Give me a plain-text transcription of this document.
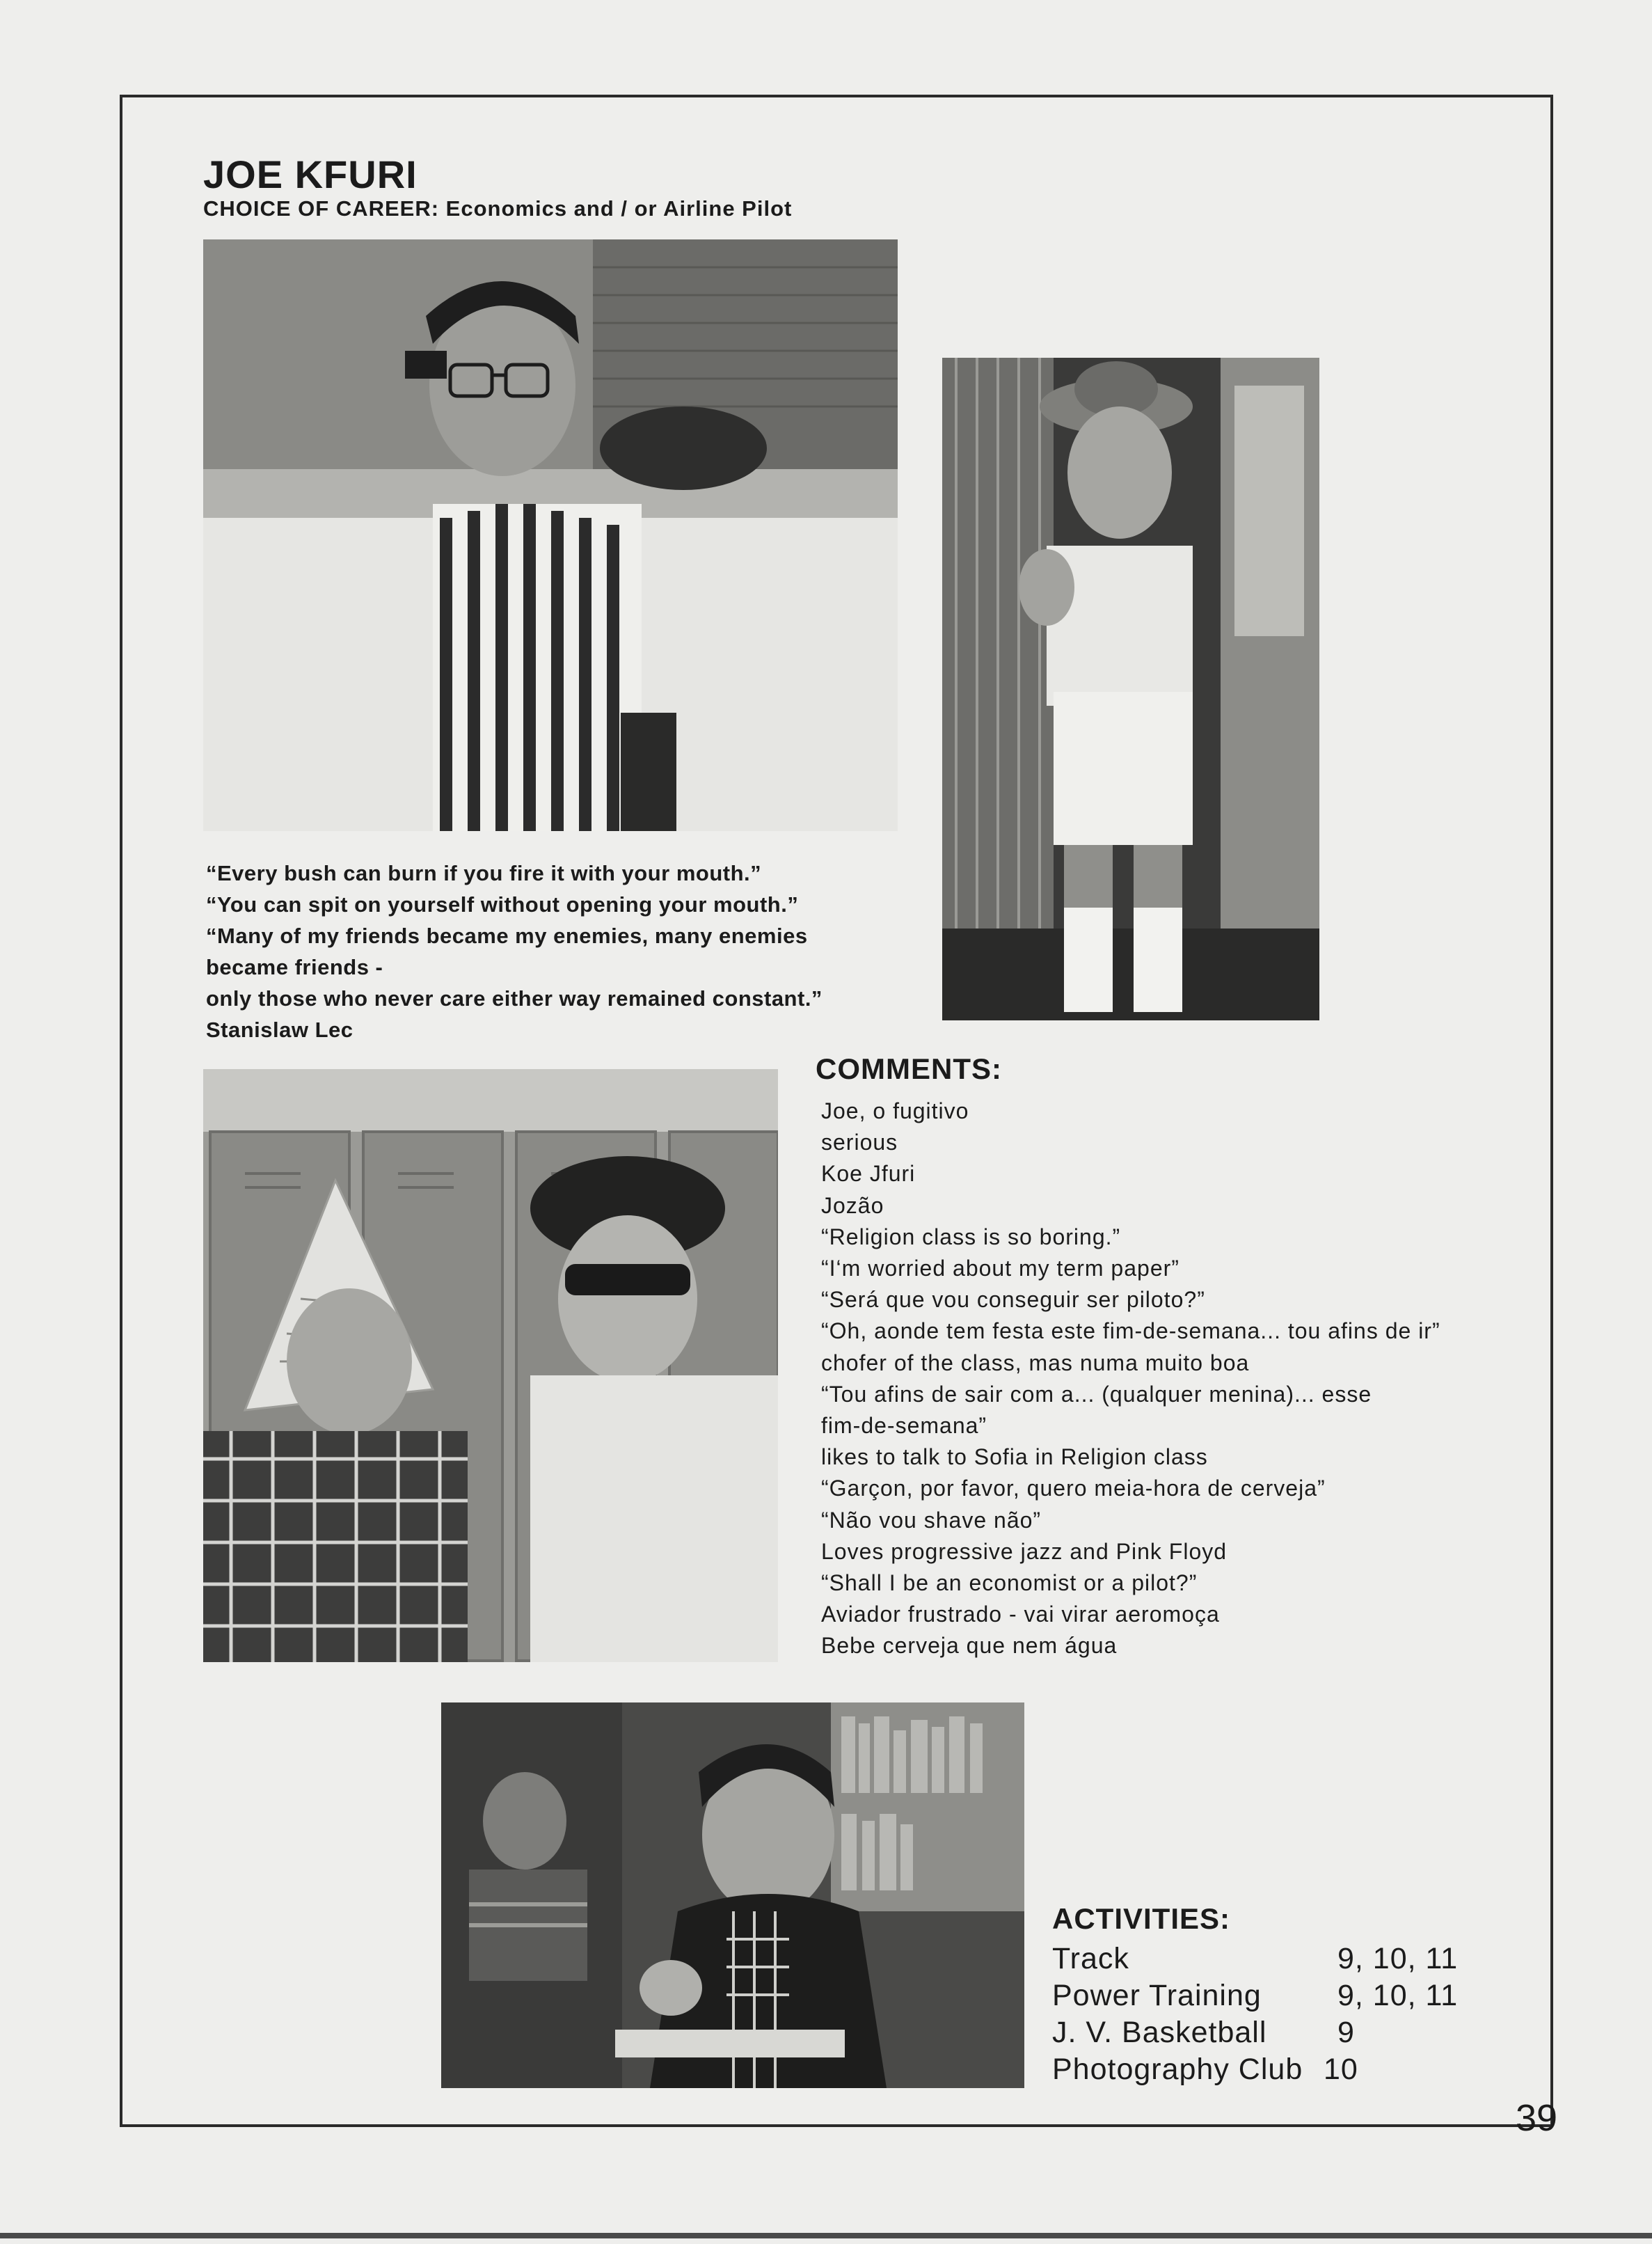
JOE KFURI
CHOICE OF CAREER: Economics and / or Airline Pilot
“Every bush can burn if you fire it with your mouth.”
“You can spit on yourself without opening your mouth.”
“Many of my friends became my enemies, many enemies
became friends -
only those who never care either way remained constant.”
Stanislaw Lec
COMMENTS:
Joe, o fugitivo
serious
Koe Jfuri
Jozão
“Religion class is so boring.”
“I‘m worried about my term paper”
“Será que vou conseguir ser piloto?”
“Oh, aonde tem festa este fim-de-semana... tou afins de ir”
chofer of the class, mas numa muito boa
“Tou afins de sair com a... (qualquer menina)... esse
fim-de-semana”
likes to talk to Sofia in Religion class
“Garçon, por favor, quero meia-hora de cerveja”
“Não vou shave não”
Loves progressive jazz and Pink Floyd
“Shall I be an economist or a pilot?”
Aviador frustrado - vai virar aeromoça
Bebe cerveja que nem água
ACTIVITIES:
Track	9, 10, 11
Power Training	9, 10, 11
J. V. Basketball 9
Photography Club 10
39
